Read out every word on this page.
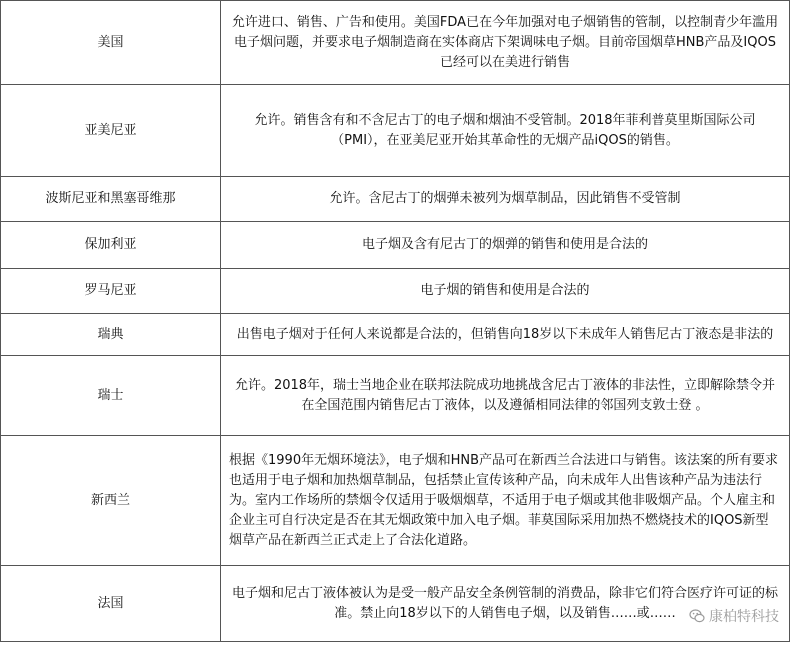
美国	允许进口、销售、广告和使用。美国FDA已在今年加强对电子烟销售的管制，以控制青少年滥用电子烟问题，并要求电子烟制造商在实体商店下架调味电子烟。目前帝国烟草HNB产品及IQOS已经可以在美进行销售
亚美尼亚	允许。销售含有和不含尼古丁的电子烟和烟油不受管制。2018年菲利普莫里斯国际公司（PMI），在亚美尼亚开始其革命性的无烟产品iQOS的销售。
波斯尼亚和黑塞哥维那	允许。含尼古丁的烟弹未被列为烟草制品，因此销售不受管制
保加利亚	电子烟及含有尼古丁的烟弹的销售和使用是合法的
罗马尼亚	电子烟的销售和使用是合法的
瑞典	出售电子烟对于任何人来说都是合法的，但销售向18岁以下未成年人销售尼古丁液态是非法的
瑞士	允许。2018年，瑞士当地企业在联邦法院成功地挑战含尼古丁液体的非法性，立即解除禁令并在全国范围内销售尼古丁液体，以及遵循相同法律的邻国列支敦士登 。
新西兰	根据《1990年无烟环境法》，电子烟和HNB产品可在新西兰合法进口与销售。该法案的所有要求也适用于电子烟和加热烟草制品，包括禁止宣传该种产品，向未成年人出售该种产品为违法行为。室内工作场所的禁烟令仅适用于吸烟烟草，不适用于电子烟或其他非吸烟产品。个人雇主和企业主可自行决定是否在其无烟政策中加入电子烟。菲莫国际采用加热不燃烧技术的IQOS新型烟草产品在新西兰正式走上了合法化道路。
法国	电子烟和尼古丁液体被认为是受一般产品安全条例管制的消费品，除非它们符合医疗许可证的标准。禁止向18岁以下的人销售电子烟，以及销售……或…… 康柏特科技
